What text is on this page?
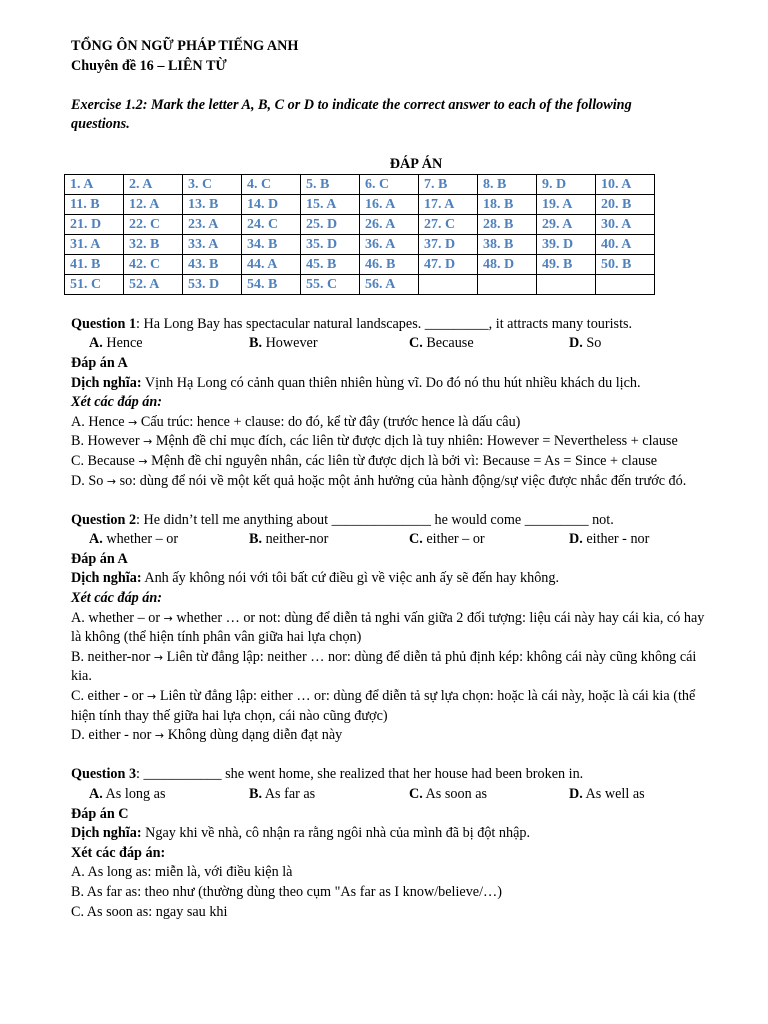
TỔNG ÔN NGỮ PHÁP TIẾNG ANH
Chuyên đề 16 – LIÊN TỪ
Exercise 1.2: Mark the letter A, B, C or D to indicate the correct answer to each of the following questions.
ĐÁP ÁN
1. A	2. A	3. C	4. C	5. B	6. C	7. B	8. B	9. D	10. A
11. B	12. A	13. B	14. D	15. A	16. A	17. A	18. B	19. A	20. B
21. D	22. C	23. A	24. C	25. D	26. A	27. C	28. B	29. A	30. A
31. A	32. B	33. A	34. B	35. D	36. A	37. D	38. B	39. D	40. A
41. B	42. C	43. B	44. A	45. B	46. B	47. D	48. D	49. B	50. B
51. C	52. A	53. D	54. B	55. C	56. A				
Question 1: Ha Long Bay has spectacular natural landscapes. _________, it attracts many tourists.
A. Hence	B. However	C. Because	D. So
Đáp án A
Dịch nghĩa: Vịnh Hạ Long có cảnh quan thiên nhiên hùng vĩ. Do đó nó thu hút nhiều khách du lịch.
Xét các đáp án:
A. Hence → Cấu trúc: hence + clause: do đó, kể từ đây (trước hence là dấu câu)
B. However → Mệnh đề chỉ mục đích, các liên từ được dịch là tuy nhiên: However = Nevertheless + clause
C. Because → Mệnh đề chỉ nguyên nhân, các liên từ được dịch là bởi vì: Because = As = Since + clause
D. So → so: dùng để nói về một kết quả hoặc một ảnh hưởng của hành động/sự việc được nhắc đến trước đó.
Question 2: He didn’t tell me anything about ______________ he would come _________ not.
A. whether – or	B. neither-nor	C. either – or	D. either - nor
Đáp án A
Dịch nghĩa: Anh ấy không nói với tôi bất cứ điều gì về việc anh ấy sẽ đến hay không.
Xét các đáp án:
A. whether – or → whether … or not: dùng để diễn tả nghi vấn giữa 2 đối tượng: liệu cái này hay cái kia, có hay là không (thể hiện tính phân vân giữa hai lựa chọn)
B. neither-nor → Liên từ đẳng lập: neither … nor: dùng để diễn tả phủ định kép: không cái này cũng không cái kia.
C. either - or → Liên từ đẳng lập: either … or: dùng để diễn tả sự lựa chọn: hoặc là cái này, hoặc là cái kia (thể hiện tính thay thế giữa hai lựa chọn, cái nào cũng được)
D. either - nor → Không dùng dạng diễn đạt này
Question 3: ___________ she went home, she realized that her house had been broken in.
A. As long as	B. As far as	C. As soon as	D. As well as
Đáp án C
Dịch nghĩa: Ngay khi về nhà, cô nhận ra rằng ngôi nhà của mình đã bị đột nhập.
Xét các đáp án:
A. As long as: miễn là, với điều kiện là
B. As far as: theo như (thường dùng theo cụm "As far as I know/believe/…)
C. As soon as: ngay sau khi
